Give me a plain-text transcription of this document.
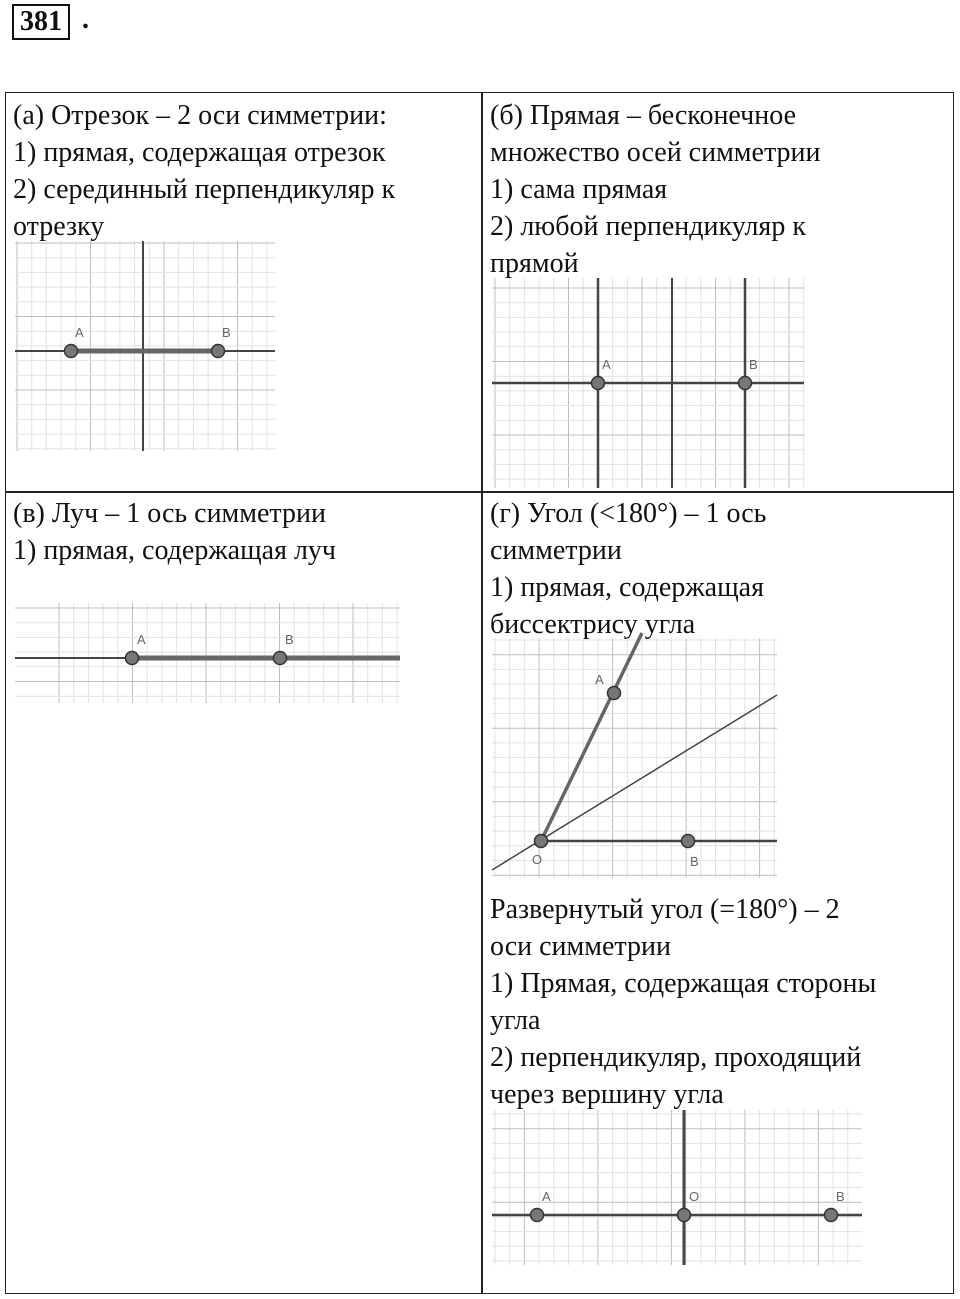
381 .
(а) Отрезок – 2 оси симметрии:
1) прямая, содержащая отрезок
2) серединный перпендикуляр к
отрезку
A	B
(б) Прямая – бесконечное
множество осей симметрии
1) сама прямая
2) любой перпендикуляр к
прямой
A	B
(в) Луч – 1 ось симметрии
1) прямая, содержащая луч
A	B
(г) Угол (<180°) – 1 ось
симметрии
1) прямая, содержащая
биссектрису угла
A
O	B
Развернутый угол (=180°) – 2
оси симметрии
1) Прямая, содержащая стороны
угла
2) перпендикуляр, проходящий
через вершину угла
A	O	B
